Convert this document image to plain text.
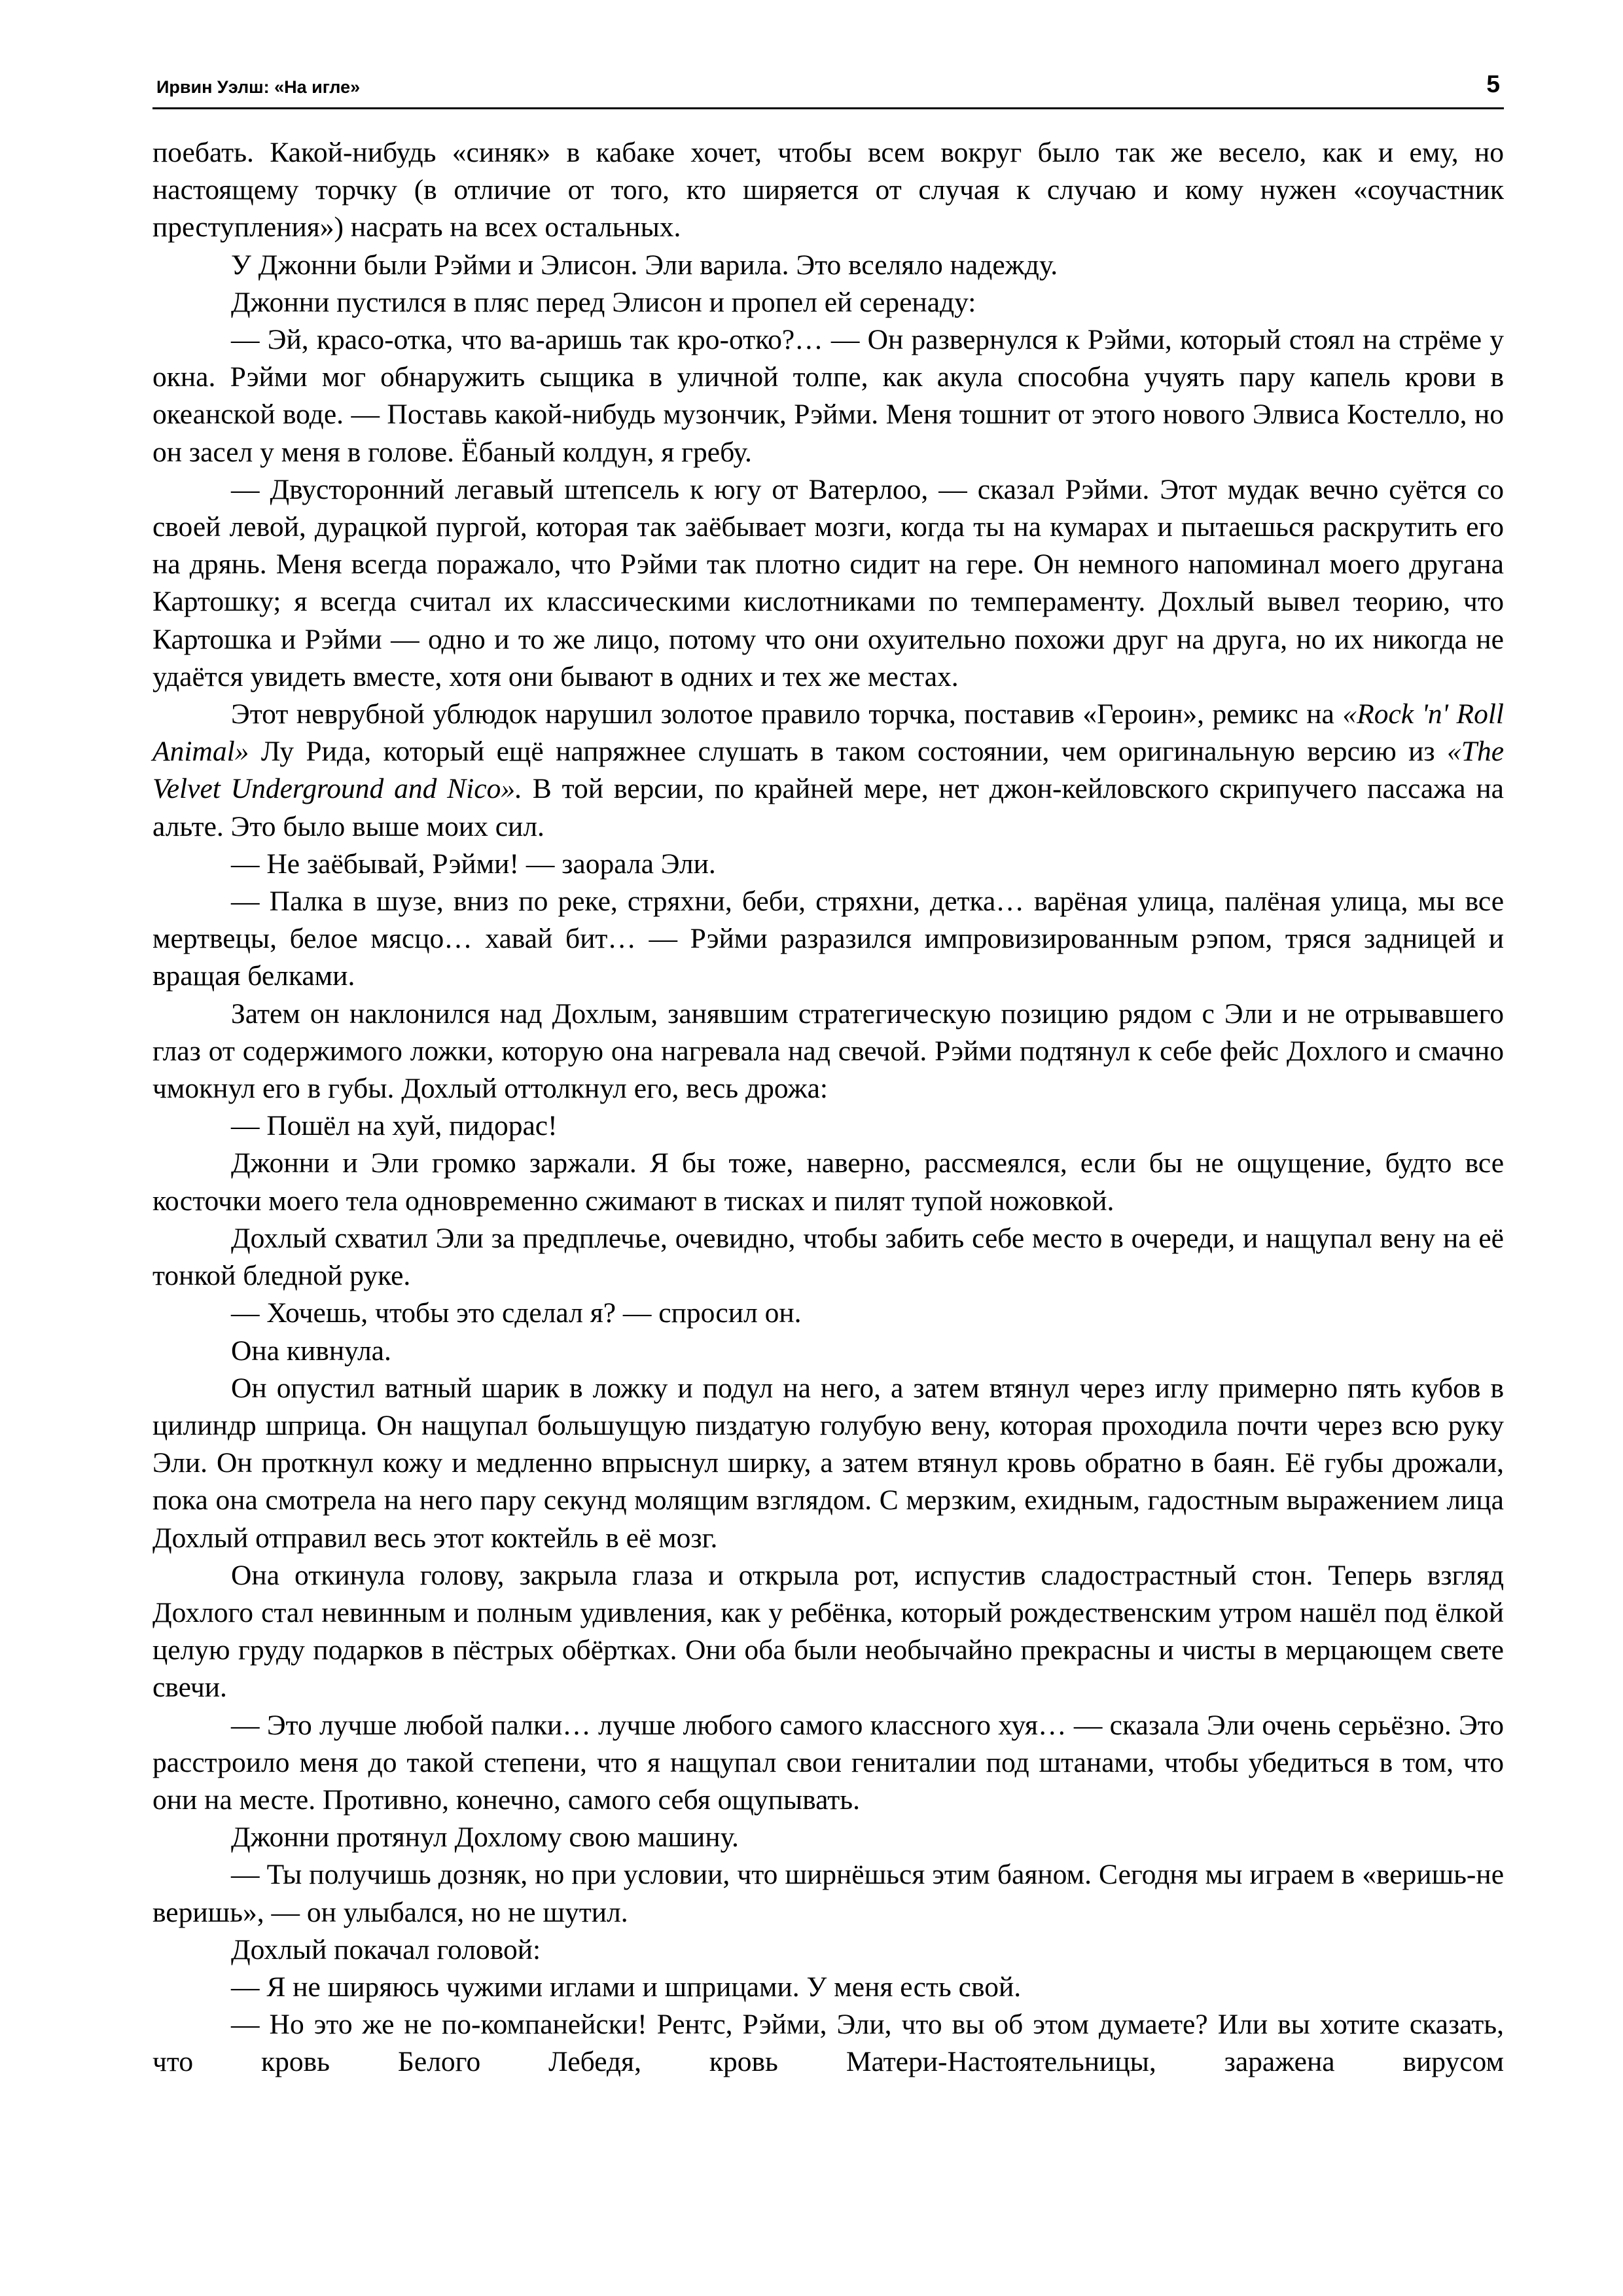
Ирвин Уэлш: «На игле»	5

поебать. Какой-нибудь «синяк» в кабаке хочет, чтобы всем вокруг было так же весело, как и ему, но настоящему торчку (в отличие от того, кто ширяется от случая к случаю и кому нужен «соучастник преступления») насрать на всех остальных.

У Джонни были Рэйми и Элисон. Эли варила. Это вселяло надежду.

Джонни пустился в пляс перед Элисон и пропел ей серенаду:

— Эй, красо-отка, что ва-аришь так кро-отко?… — Он развернулся к Рэйми, который стоял на стрёме у окна. Рэйми мог обнаружить сыщика в уличной толпе, как акула способна учуять пару капель крови в океанской воде. — Поставь какой-нибудь музончик, Рэйми. Меня тошнит от этого нового Элвиса Костелло, но он засел у меня в голове. Ёбаный колдун, я гребу.

— Двусторонний легавый штепсель к югу от Ватерлоо, — сказал Рэйми. Этот мудак вечно суётся со своей левой, дурацкой пургой, которая так заёбывает мозги, когда ты на кумарах и пытаешься раскрутить его на дрянь. Меня всегда поражало, что Рэйми так плотно сидит на гере. Он немного напоминал моего другана Картошку; я всегда считал их классическими кислотниками по темпераменту. Дохлый вывел теорию, что Картошка и Рэйми — одно и то же лицо, потому что они охуительно похожи друг на друга, но их никогда не удаётся увидеть вместе, хотя они бывают в одних и тех же местах.

Этот неврубной ублюдок нарушил золотое правило торчка, поставив «Героин», ремикс на «Rock 'n' Roll Animal» Лу Рида, который ещё напряжнее слушать в таком состоянии, чем оригинальную версию из «The Velvet Underground and Nico». В той версии, по крайней мере, нет джон-кейловского скрипучего пассажа на альте. Это было выше моих сил.

— Не заёбывай, Рэйми! — заорала Эли.

— Палка в шузе, вниз по реке, стряхни, беби, стряхни, детка… варёная улица, палёная улица, мы все мертвецы, белое мясцо… хавай бит… — Рэйми разразился импровизированным рэпом, тряся задницей и вращая белками.

Затем он наклонился над Дохлым, занявшим стратегическую позицию рядом с Эли и не отрывавшего глаз от содержимого ложки, которую она нагревала над свечой. Рэйми подтянул к себе фейс Дохлого и смачно чмокнул его в губы. Дохлый оттолкнул его, весь дрожа:

— Пошёл на хуй, пидорас!

Джонни и Эли громко заржали. Я бы тоже, наверно, рассмеялся, если бы не ощущение, будто все косточки моего тела одновременно сжимают в тисках и пилят тупой ножовкой.

Дохлый схватил Эли за предплечье, очевидно, чтобы забить себе место в очереди, и нащупал вену на её тонкой бледной руке.

— Хочешь, чтобы это сделал я? — спросил он.

Она кивнула.

Он опустил ватный шарик в ложку и подул на него, а затем втянул через иглу примерно пять кубов в цилиндр шприца. Он нащупал большущую пиздатую голубую вену, которая проходила почти через всю руку Эли. Он проткнул кожу и медленно впрыснул ширку, а затем втянул кровь обратно в баян. Её губы дрожали, пока она смотрела на него пару секунд молящим взглядом. С мерзким, ехидным, гадостным выражением лица Дохлый отправил весь этот коктейль в её мозг.

Она откинула голову, закрыла глаза и открыла рот, испустив сладострастный стон. Теперь взгляд Дохлого стал невинным и полным удивления, как у ребёнка, который рождественским утром нашёл под ёлкой целую груду подарков в пёстрых обёртках. Они оба были необычайно прекрасны и чисты в мерцающем свете свечи.

— Это лучше любой палки… лучше любого самого классного хуя… — сказала Эли очень серьёзно. Это расстроило меня до такой степени, что я нащупал свои гениталии под штанами, чтобы убедиться в том, что они на месте. Противно, конечно, самого себя ощупывать.

Джонни протянул Дохлому свою машину.

— Ты получишь дозняк, но при условии, что ширнёшься этим баяном. Сегодня мы играем в «веришь-не веришь», — он улыбался, но не шутил.

Дохлый покачал головой:

— Я не ширяюсь чужими иглами и шприцами. У меня есть свой.

— Но это же не по-компанейски! Рентс, Рэйми, Эли, что вы об этом думаете? Или вы хотите сказать, что кровь Белого Лебедя, кровь Матери-Настоятельницы, заражена вирусом
